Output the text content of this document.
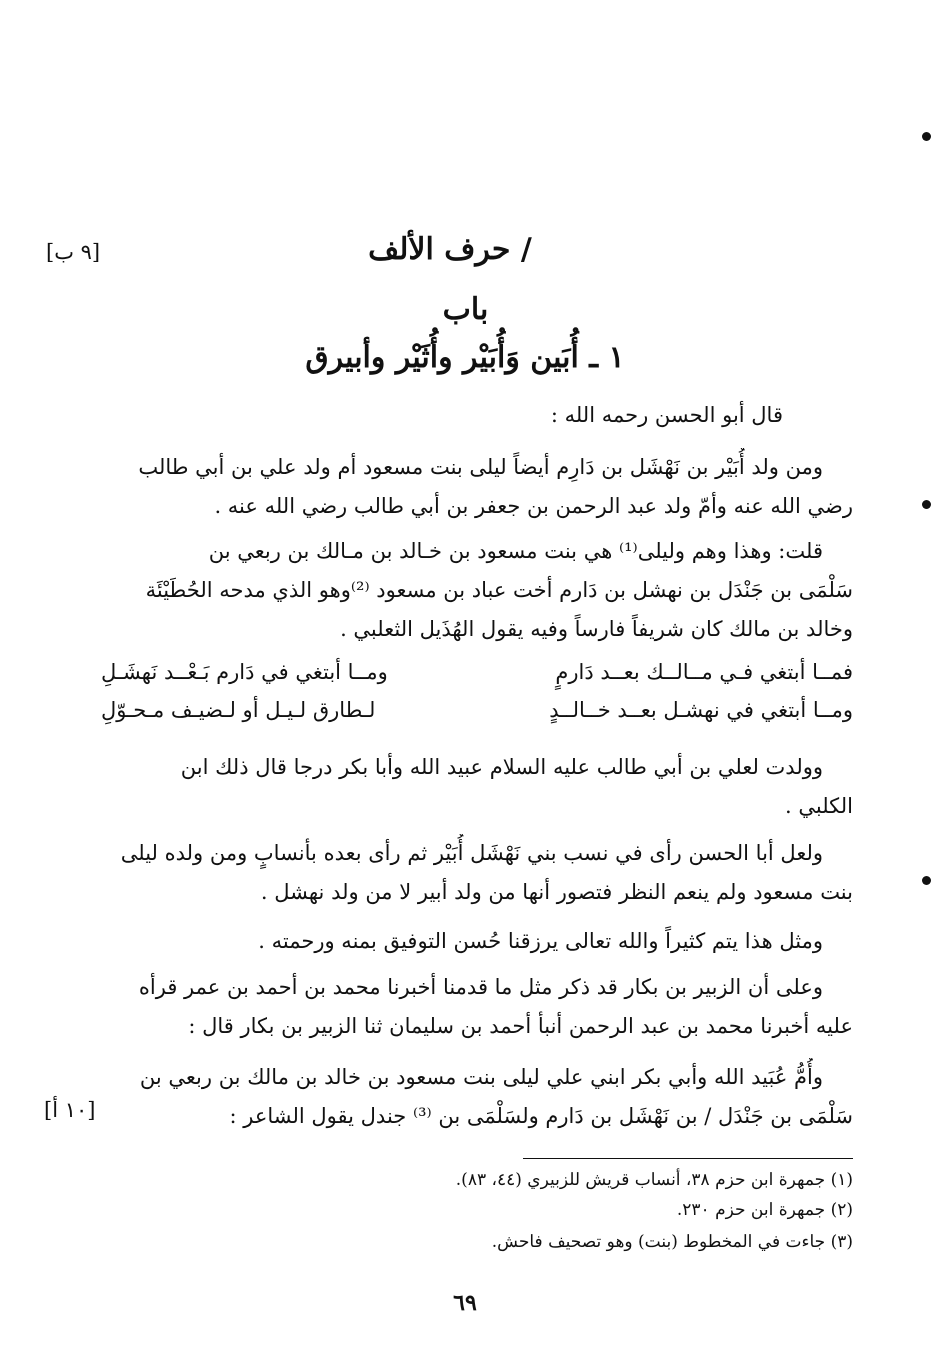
[٩ ب]	/ حرف الألف
باب
١ ـ أُبَين وَأُبَيْر وأُثَيْر وأبيرق
قال أبو الحسن رحمه الله :
ومن ولد أُبَيْر بن نَهْشَل بن دَارِم أيضاً ليلى بنت مسعود أم ولد علي بن أبي طالب
رضي الله عنه وأمّ ولد عبد الرحمن بن جعفر بن أبي طالب رضي الله عنه .
قلت: وهذا وهم وليلى⁽¹⁾ هي بنت مسعود بن خـالد بن مـالك بن ربعي بن
سَلْمَى بن جَنْدَل بن نهشل بن دَارم أخت عباد بن مسعود ⁽²⁾وهو الذي مدحه الحُطَيْئَة
وخالد بن مالك كان شريفاً فارساً وفيه يقول الهُذَيل الثعلبي .
فمــا أبتغي فـي مــالــك بعــد دَارمٍ
ومــا أبتغي في دَارم بَـعْــد نَهشَـلِ
ومــا أبتغي في نهشـل بعــد خــالــدٍ
لـطارق لـيـل أو لـضيـف مـحـوّلِ
وولدت لعلي بن أبي طالب عليه السلام عبيد الله وأبا بكر درجا قال ذلك ابن
الكلبي .
ولعل أبا الحسن رأى في نسب بني نَهْشَل أُبَيْر ثم رأى بعده بأنسابٍ ومن ولده ليلى
بنت مسعود ولم ينعم النظر فتصور أنها من ولد أبير لا من ولد نهشل .
ومثل هذا يتم كثيراً والله تعالى يرزقنا حُسن التوفيق بمنه ورحمته .
وعلى أن الزبير بن بكار قد ذكر مثل ما قدمنا أخبرنا محمد بن أحمد بن عمر قرأه
عليه أخبرنا محمد بن عبد الرحمن أنبأ أحمد بن سليمان ثنا الزبير بن بكار قال :
وأُمُّ عُبَيد الله وأبي بكر ابني علي ليلى بنت مسعود بن خالد بن مالك بن ربعي بن
سَلْمَى بن جَنْدَل / بن نَهْشَل بن دَارم ولسَلْمَى بن ⁽³⁾ جندل يقول الشاعر :
[١٠ أ]
(١) جمهرة ابن حزم ٣٨، أنساب قريش للزبيري (٤٤، ٨٣).
(٢) جمهرة ابن حزم ٢٣٠.
(٣) جاءت في المخطوط (بنت) وهو تصحيف فاحش.
٦٩
